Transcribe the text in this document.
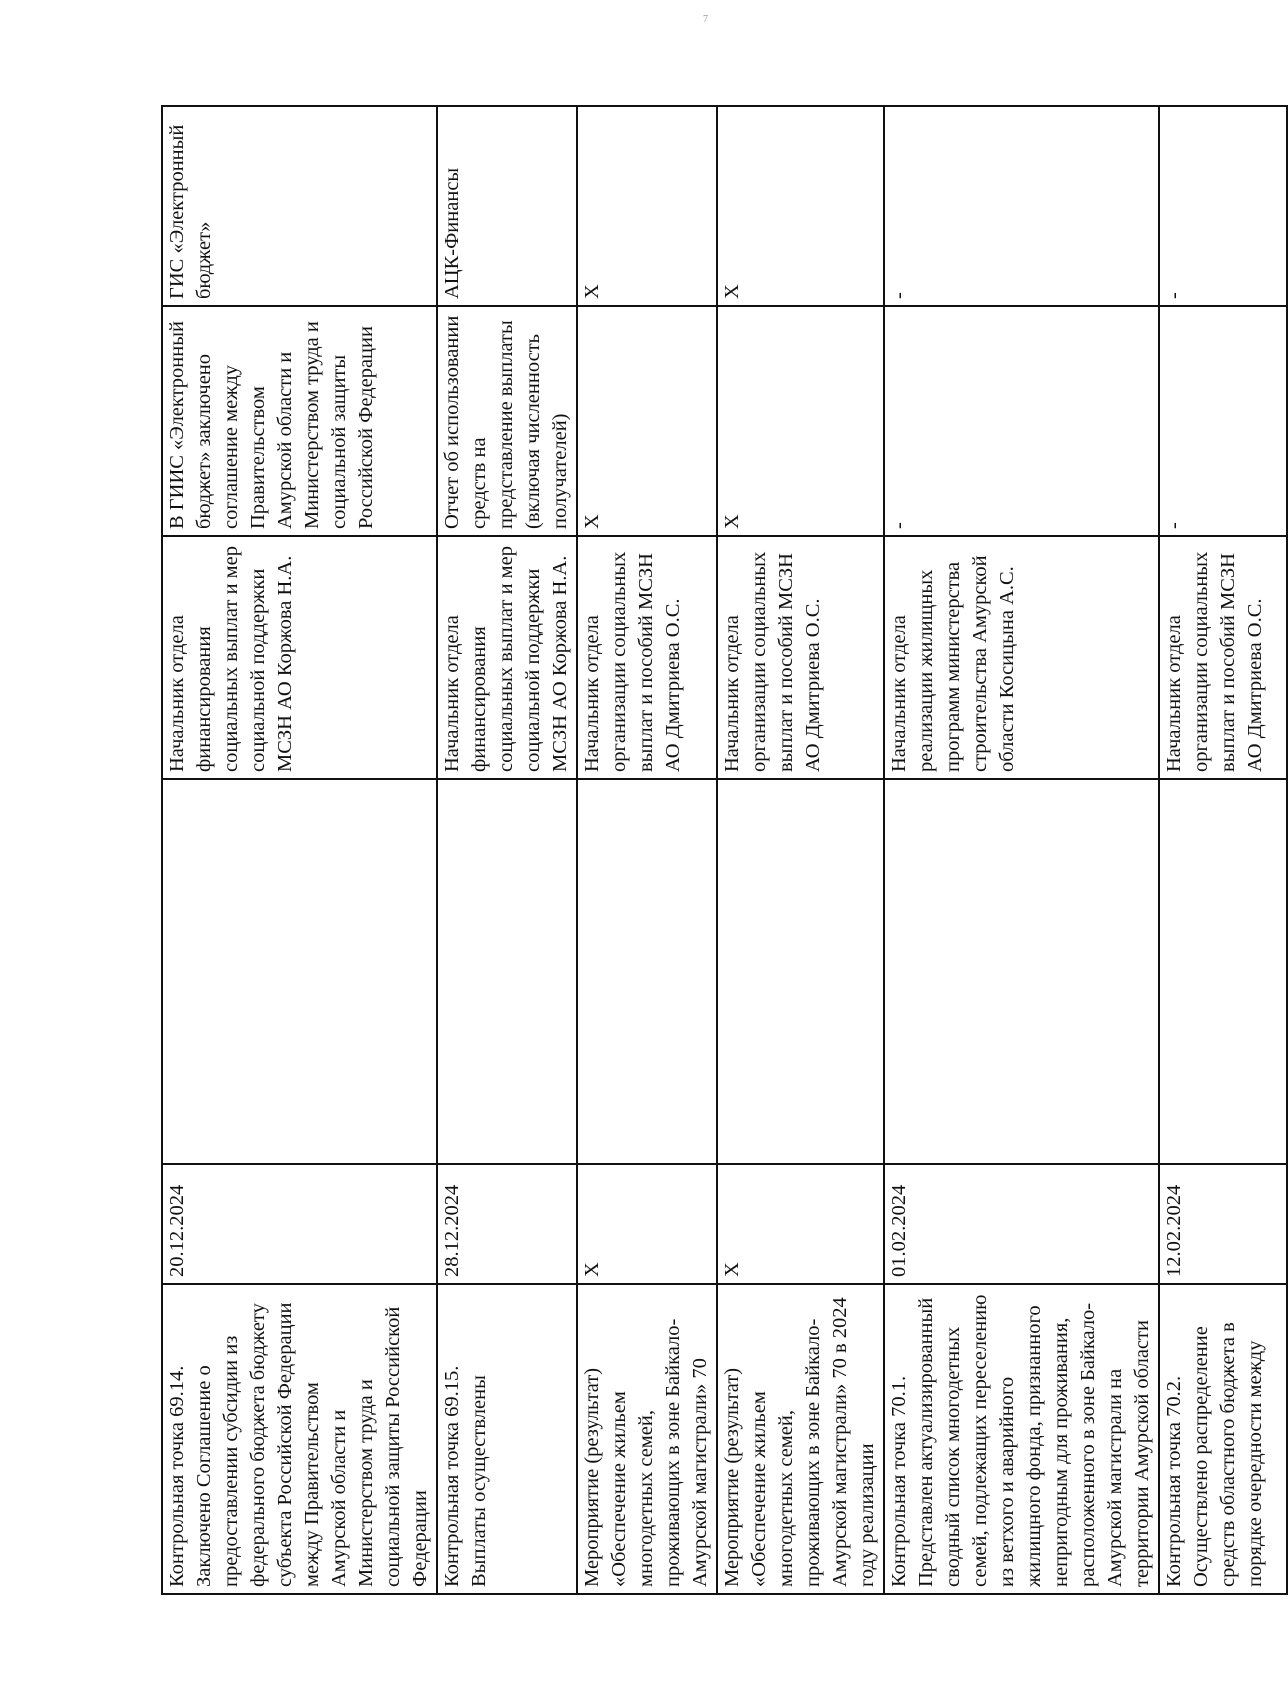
7
Контрольная точка 69.14. Заключено Соглашение о предоставлении субсидии из федерального бюджета бюджету субъекта Российской Федерации между Правительством Амурской области и Министерством труда и социальной защиты Российской Федерации	20.12.2024		Начальник отдела финансирования социальных выплат и мер социальной поддержки МСЗН АО Коржова Н.А.	В ГИИС «Электронный бюджет» заключено соглашение между Правительством Амурской области и Министерством труда и социальной защиты Российской Федерации	ГИС «Электронный бюджет»
Контрольная точка 69.15. Выплаты осуществлены	28.12.2024		Начальник отдела финансирования социальных выплат и мер социальной поддержки МСЗН АО Коржова Н.А.	Отчет об использовании средств на представление выплаты (включая численность получателей)	АЦК-Финансы
Мероприятие (результат) «Обеспечение жильем многодетных семей, проживающих в зоне Байкало-Амурской магистрали» 70	Х		Начальник отдела организации социальных выплат и пособий МСЗН АО Дмитриева О.С.	Х	Х
Мероприятие (результат) «Обеспечение жильем многодетных семей, проживающих в зоне Байкало-Амурской магистрали» 70 в 2024 году реализации	Х		Начальник отдела организации социальных выплат и пособий МСЗН АО Дмитриева О.С.	Х	Х
Контрольная точка 70.1. Представлен актуализированный сводный список многодетных семей, подлежащих переселению из ветхого и аварийного жилищного фонда, признанного непригодным для проживания, расположенного в зоне Байкало-Амурской магистрали на территории Амурской области	01.02.2024		Начальник отдела реализации жилищных программ министерства строительства Амурской области Косицына А.С.	-	-
Контрольная точка 70.2. Осуществлено распределение средств областного бюджета в порядке очередности между	12.02.2024		Начальник отдела организации социальных выплат и пособий МСЗН АО Дмитриева О.С.	-	-
